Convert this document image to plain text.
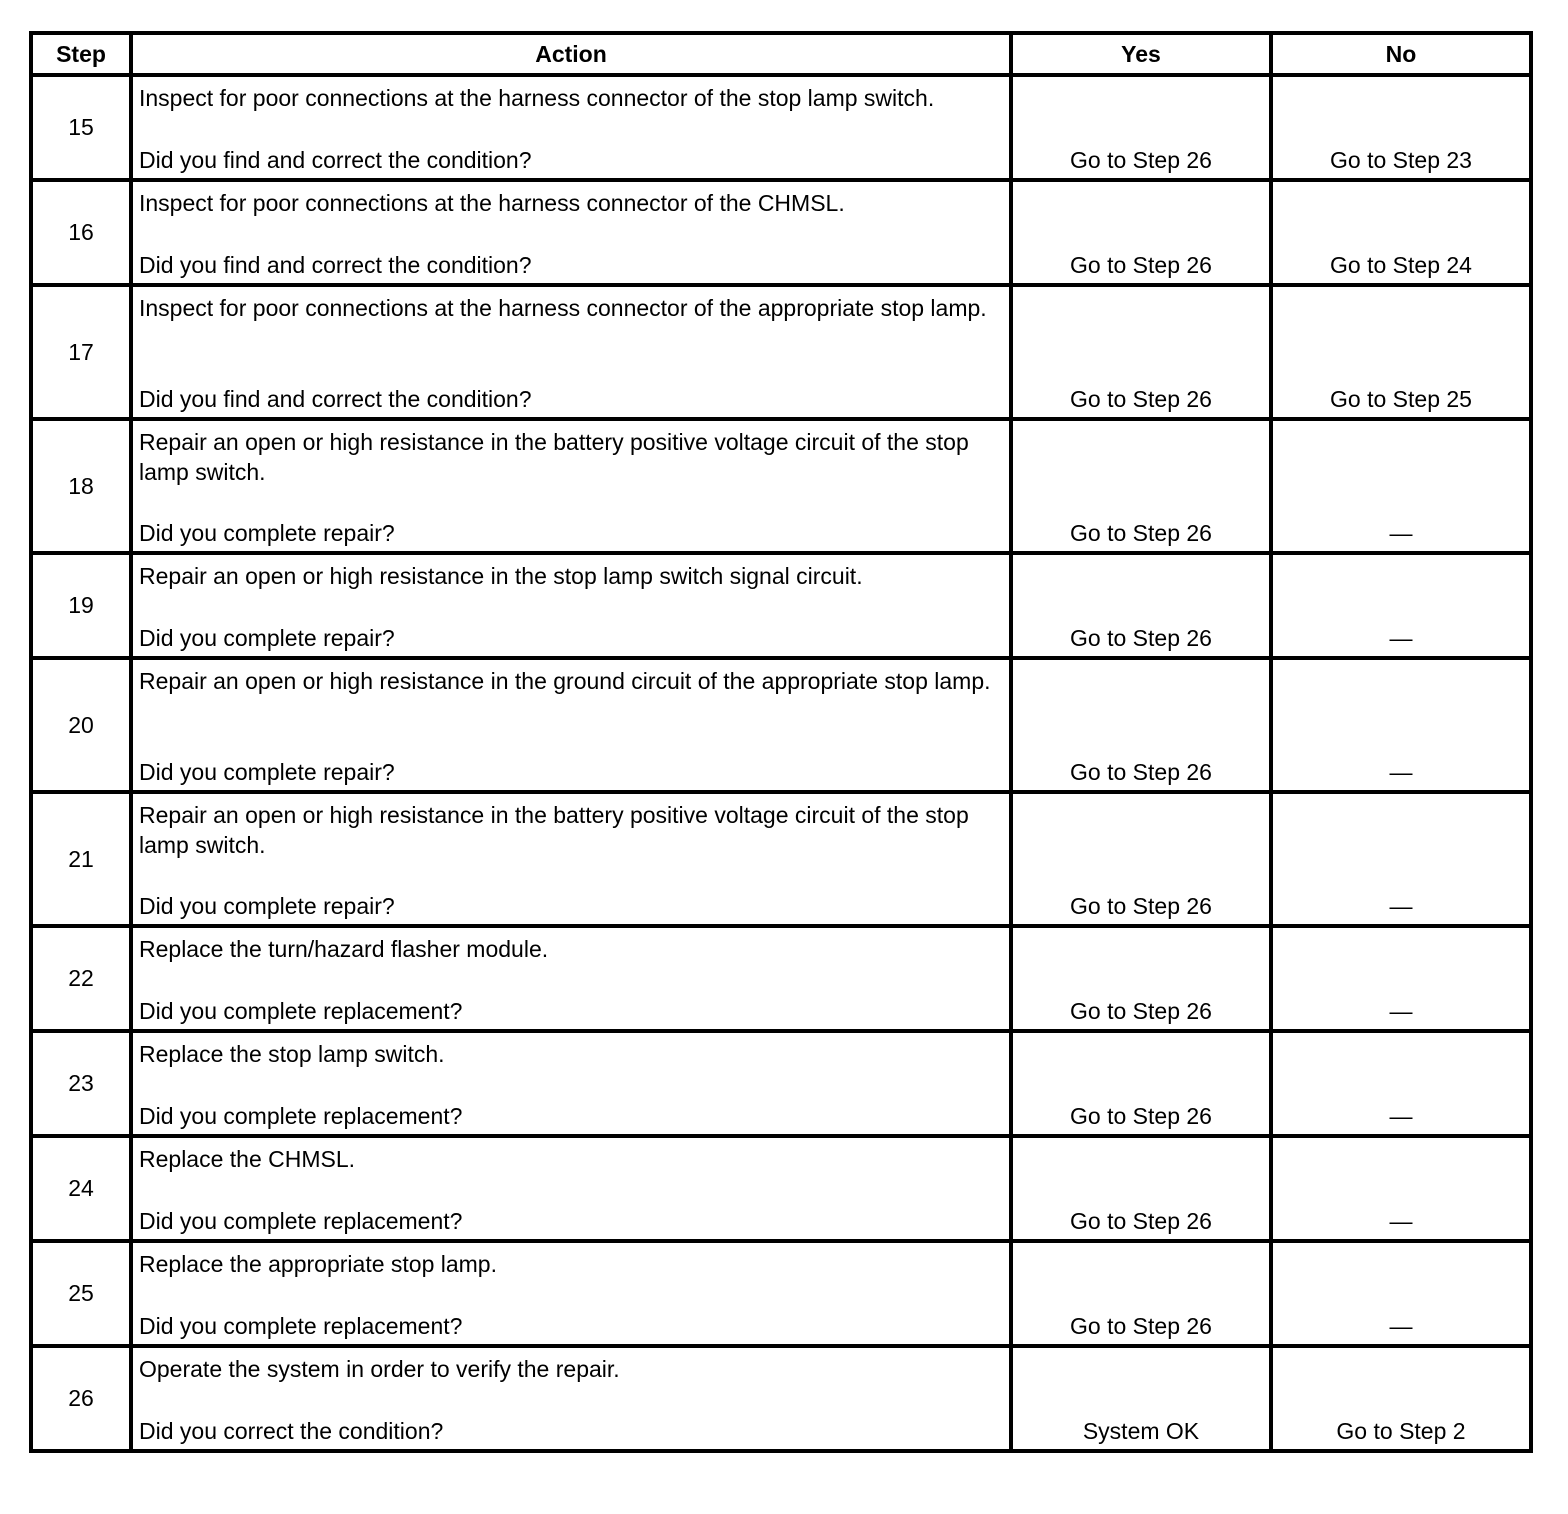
Step	Action	Yes	No
15	Inspect for poor connections at the harness connector of the stop lamp switch.
Did you find and correct the condition?	Go to Step 26	Go to Step 23

16	Inspect for poor connections at the harness connector of the CHMSL.
Did you find and correct the condition?	Go to Step 26	Go to Step 24

17	Inspect for poor connections at the harness connector of the appropriate stop lamp.
Did you find and correct the condition?	Go to Step 26	Go to Step 25

18	Repair an open or high resistance in the battery positive voltage circuit of the stop lamp switch.
Did you complete repair?	Go to Step 26	—

19	Repair an open or high resistance in the stop lamp switch signal circuit.
Did you complete repair?	Go to Step 26	—

20	Repair an open or high resistance in the ground circuit of the appropriate stop lamp.
Did you complete repair?	Go to Step 26	—

21	Repair an open or high resistance in the battery positive voltage circuit of the stop lamp switch.
Did you complete repair?	Go to Step 26	—

22	Replace the turn/hazard flasher module.
Did you complete replacement?	Go to Step 26	—

23	Replace the stop lamp switch.
Did you complete replacement?	Go to Step 26	—

24	Replace the CHMSL.
Did you complete replacement?	Go to Step 26	—

25	Replace the appropriate stop lamp.
Did you complete replacement?	Go to Step 26	—

26	Operate the system in order to verify the repair.
Did you correct the condition?	System OK	Go to Step 2
